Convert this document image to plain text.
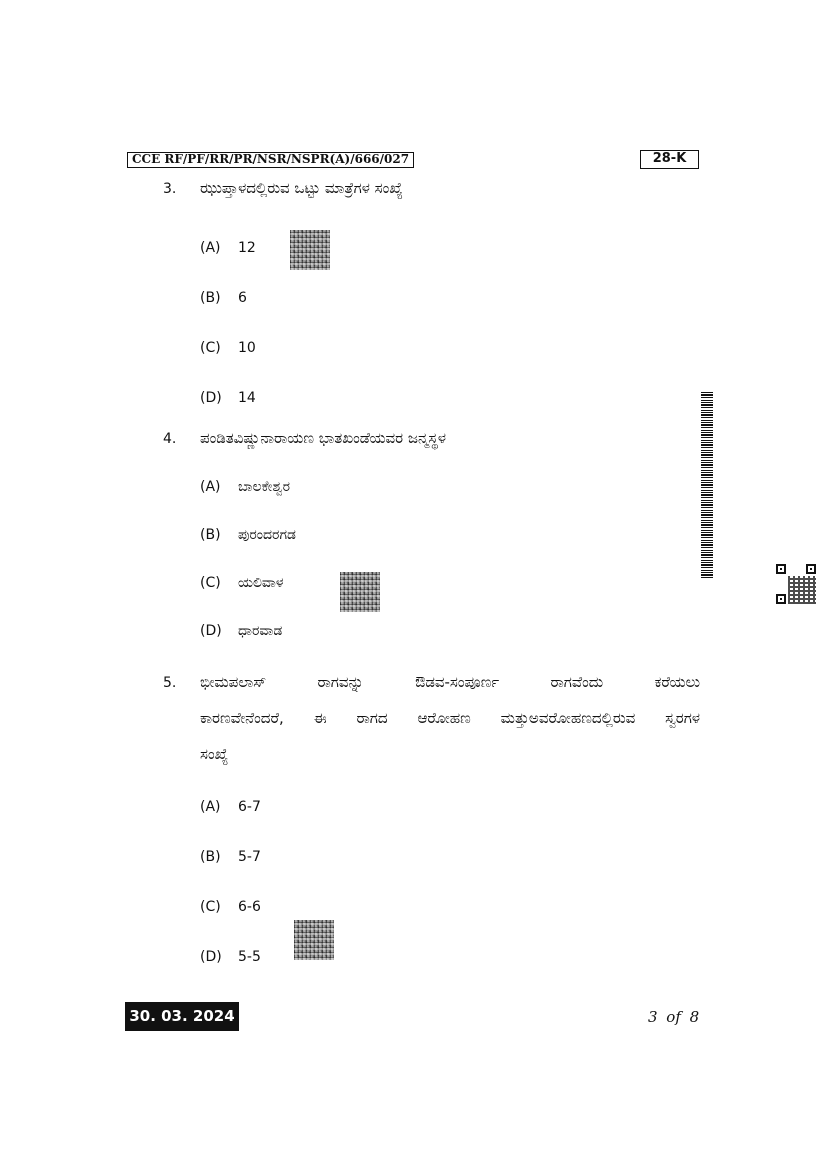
CCE RF/PF/RR/PR/NSR/NSPR(A)/666/027	28-K
3. ಝುಪ್ತಾಳದಲ್ಲಿರುವ ಒಟ್ಟು ಮಾತ್ರೆಗಳ ಸಂಖ್ಯೆ
(A) 12
(B) 6
(C) 10
(D) 14
4. ಪಂಡಿತವಿಷ್ಣುನಾರಾಯಣ ಭಾತಖಂಡೆಯವರ ಜನ್ಮಸ್ಥಳ
(A) ಬಾಲಕೇಶ್ವರ
(B) ಪುರಂದರಗಡ
(C) ಯಲಿವಾಳ
(D) ಧಾರವಾಡ
5. ಭೀಮಪಲಾಸ್ ರಾಗವನ್ನು ಔಡವ-ಸಂಪೂರ್ಣ ರಾಗವೆಂದು ಕರೆಯಲು
ಕಾರಣವೇನೆಂದರೆ, ಈ ರಾಗದ ಆರೋಹಣ ಮತ್ತುಅವರೋಹಣದಲ್ಲಿರುವ ಸ್ವರಗಳ
ಸಂಖ್ಯೆ
(A) 6-7
(B) 5-7
(C) 6-6
(D) 5-5
30. 03. 2024	3 of 8
